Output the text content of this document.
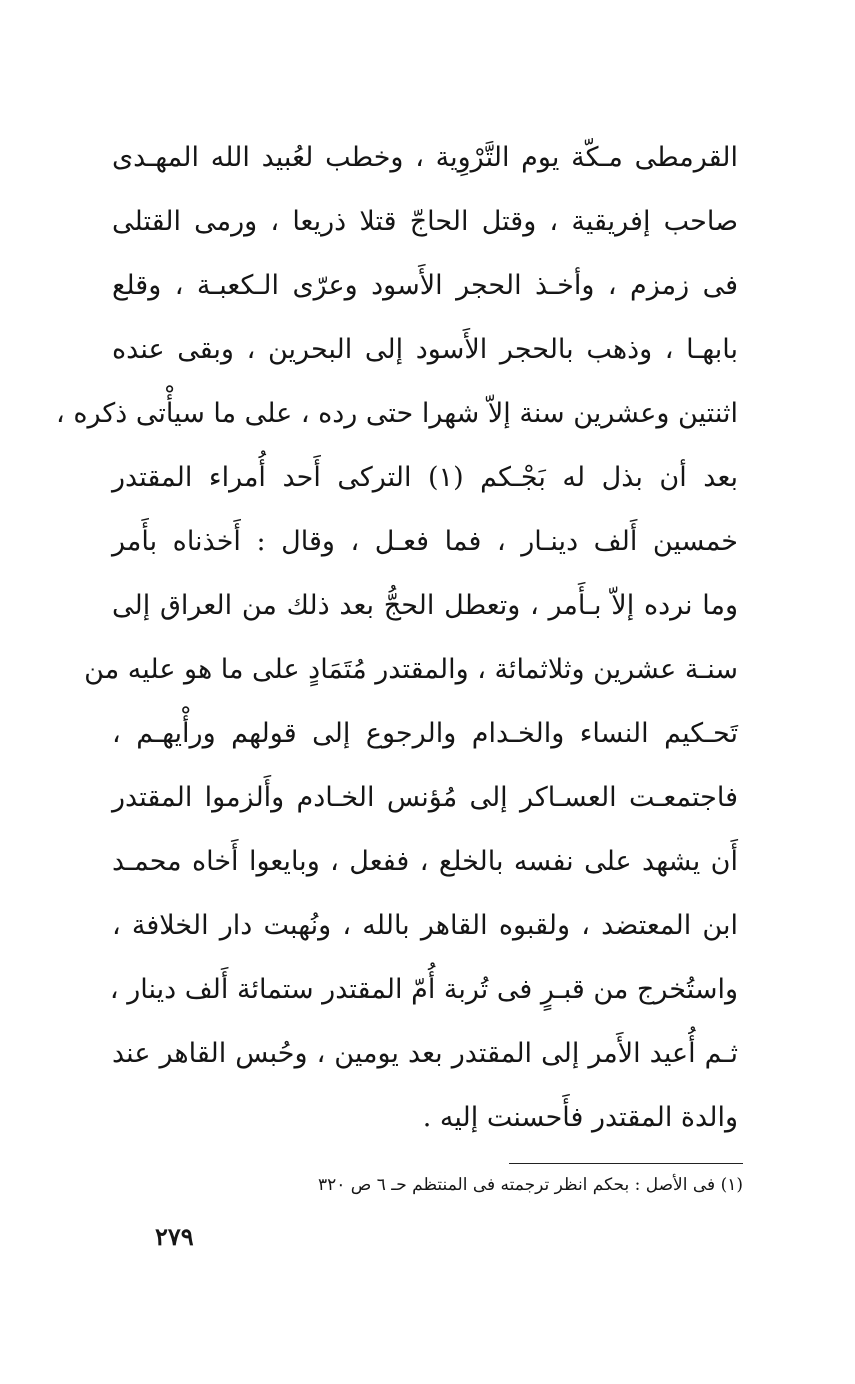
القرمطى مـكّة يوم التَّرْوِية ، وخطب لعُبيد الله المهـدى
صاحب إفريقية ، وقتل الحاجّ قتلا ذريعا ، ورمى القتلى
فى زمزم ، وأخـذ الحجر الأَسود وعرّى الـكعبـة ، وقلع
بابهـا ، وذهب بالحجر الأَسود إلى البحرين ، وبقى عنده
اثنتين وعشرين سنة إلاّ شهرا حتى رده ، على ما سيأْتى ذكره ،
بعد أن بذل له بَجْـكم (١) التركى أَحد أُمراء المقتدر
خمسين أَلف دينـار ، فما فعـل ، وقال : أَخذناه بأَمر
وما نرده إلاّ بـأَمر ، وتعطل الحجُّ بعد ذلك من العراق إلى
سنـة عشرين وثلاثمائة ، والمقتدر مُتَمَادٍ على ما هو عليه من
تَحـكيم النساء والخـدام والرجوع إلى قولهم ورأْيهـم ،
فاجتمعـت العسـاكر إلى مُؤنس الخـادم وأَلزموا المقتدر
أَن يشهد على نفسه بالخلع ، ففعل ، وبايعوا أَخاه محمـد
ابن المعتضد ، ولقبوه القاهر بالله ، ونُهبت دار الخلافة ،
واستُخرج من قبـرٍ فى تُربة أُمّ المقتدر ستمائة أَلف دينار ،
ثـم أُعيد الأَمر إلى المقتدر بعد يومين ، وحُبس القاهر عند
والدة المقتدر فأَحسنت إليه .
(١) فى الأصل : بحكم انظر ترجمته فى المنتظم حـ ٦ ص ٣٢٠
٢٧٩
